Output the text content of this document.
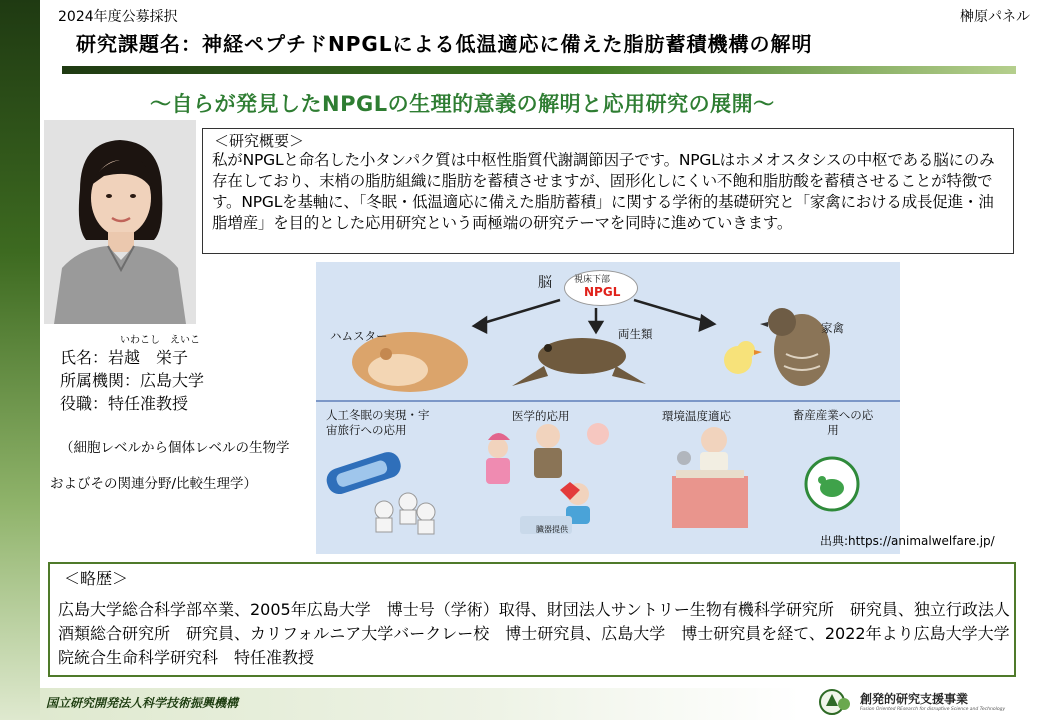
2024年度公募採択	榊原パネル
研究課題名：神経ペプチドNPGLによる低温適応に備えた脂肪蓄積機構の解明
～自らが発見したNPGLの生理的意義の解明と応用研究の展開～
＜研究概要＞
私がNPGLと命名した小タンパク質は中枢性脂質代謝調節因子です。NPGLはホメオスタシスの中枢である脳にのみ存在しており、末梢の脂肪組織に脂肪を蓄積させますが、固形化しにくい不飽和脂肪酸を蓄積させることが特徴です。NPGLを基軸に、「冬眠・低温適応に備えた脂肪蓄積」に関する学術的基礎研究と「家禽における成長促進・油脂増産」を目的とした応用研究という両極端の研究テーマを同時に進めていきます。
いわこし　えいこ
氏名：岩越　栄子
所属機関：広島大学
役職：特任准教授
（細胞レベルから個体レベルの生物学
およびその関連分野/比較生理学）
脳 視床下部
NPGL
ハムスター	両生類	家禽
人工冬眠の実現・宇宙旅行への応用
医学的応用	環境温度適応	畜産産業への応用
臓器提供
出典:https://animalwelfare.jp/
＜略歴＞
広島大学総合科学部卒業、2005年広島大学　博士号（学術）取得、財団法人サントリー生物有機科学研究所　研究員、独立行政法人酒類総合研究所　研究員、カリフォルニア大学バークレー校　博士研究員、広島大学　博士研究員を経て、2022年より広島大学大学院統合生命科学研究科　特任准教授
国立研究開発法人科学技術振興機構	創発的研究支援事業
Fusion Oriented REsearch for disruptive Science and Technology
